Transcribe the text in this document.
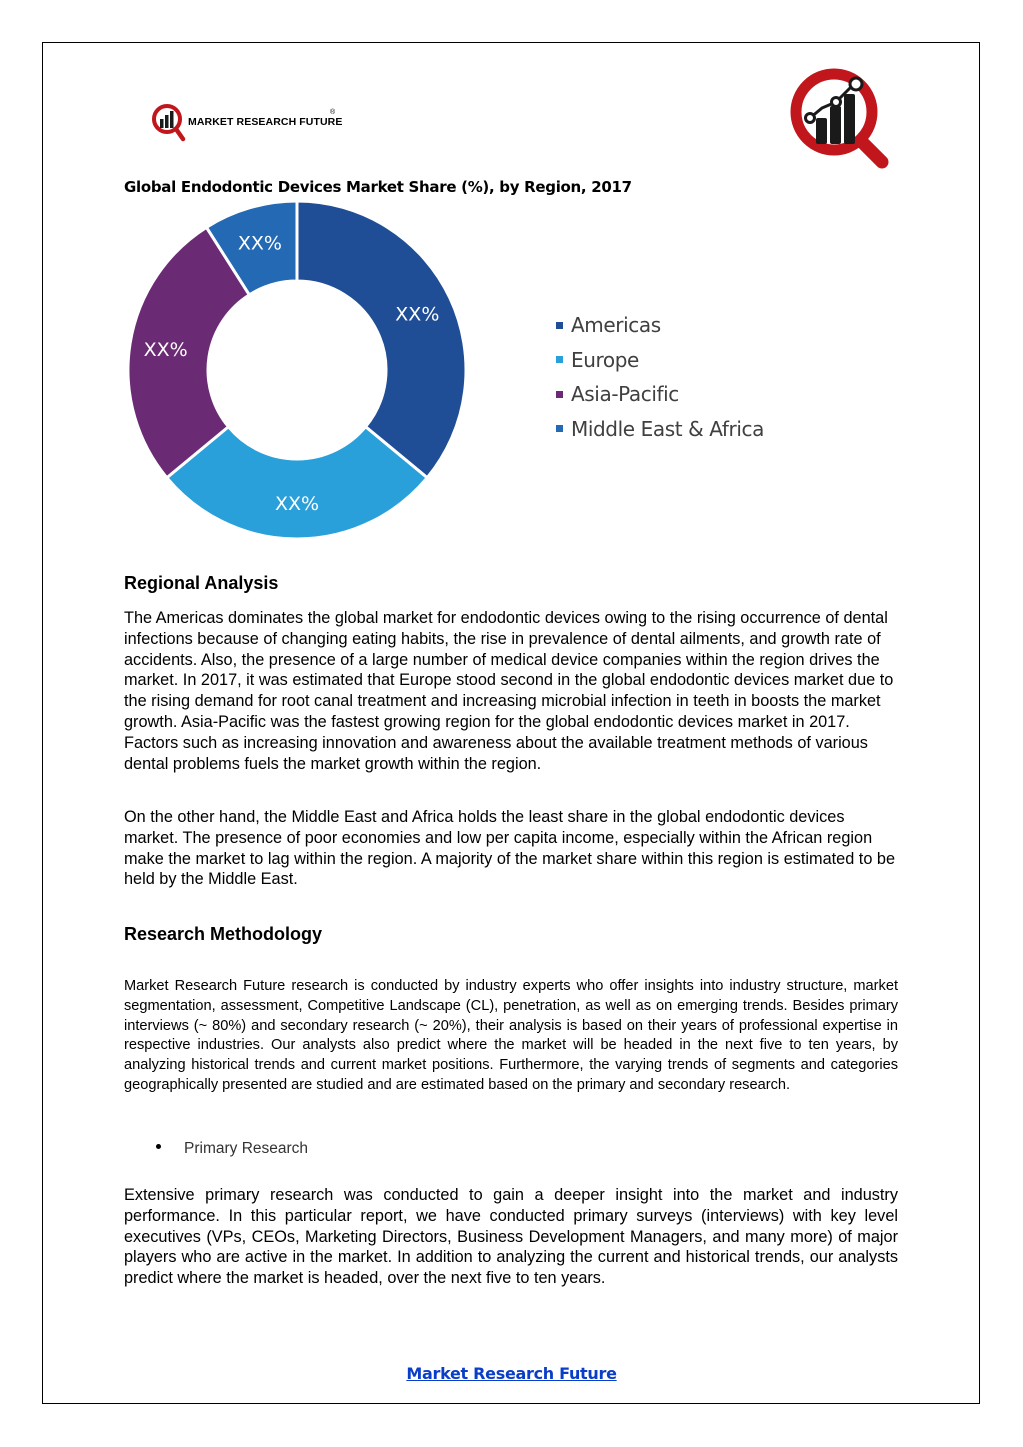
MARKET RESEARCH FUTURE
®
Global Endodontic Devices Market Share (%), by Region, 2017
XX%
XX%
XX%
XX%
Americas
Europe
Asia-Pacific
Middle East & Africa
Regional Analysis

The Americas dominates the global market for endodontic devices owing to the rising occurrence of dental infections because of changing eating habits, the rise in prevalence of dental ailments, and growth rate of accidents. Also, the presence of a large number of medical device companies within the region drives the market. In 2017, it was estimated that Europe stood second in the global endodontic devices market due to the rising demand for root canal treatment and increasing microbial infection in teeth in boosts the market growth. Asia-Pacific was the fastest growing region for the global endodontic devices market in 2017. Factors such as increasing innovation and awareness about the available treatment methods of various dental problems fuels the market growth within the region.

On the other hand, the Middle East and Africa holds the least share in the global endodontic devices market. The presence of poor economies and low per capita income, especially within the African region make the market to lag within the region. A majority of the market share within this region is estimated to be held by the Middle East.

Research Methodology

Market Research Future research is conducted by industry experts who offer insights into industry structure, market segmentation, assessment, Competitive Landscape (CL), penetration, as well as on emerging trends. Besides primary interviews (~ 80%) and secondary research (~ 20%), their analysis is based on their years of professional expertise in respective industries. Our analysts also predict where the market will be headed in the next five to ten years, by analyzing historical trends and current market positions. Furthermore, the varying trends of segments and categories geographically presented are studied and are estimated based on the primary and secondary research.

Primary Research

Extensive primary research was conducted to gain a deeper insight into the market and industry performance. In this particular report, we have conducted primary surveys (interviews) with key level executives (VPs, CEOs, Marketing Directors, Business Development Managers, and many more) of major players who are active in the market. In addition to analyzing the current and historical trends, our analysts predict where the market is headed, over the next five to ten years.

Market Research Future
